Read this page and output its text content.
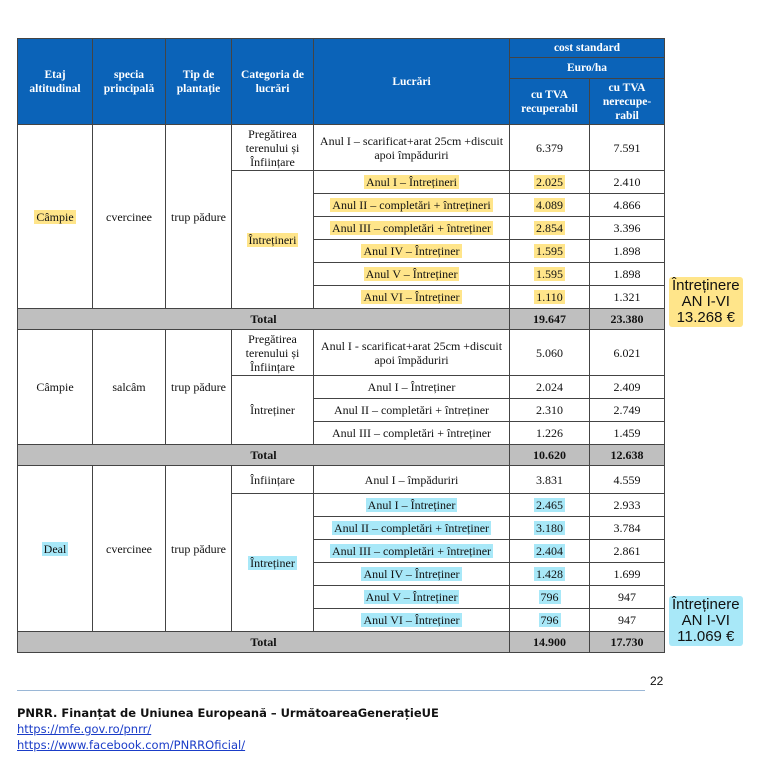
Etaj altitudinal	specia principală	Tip de plantație	Categoria de lucrări	Lucrări	cost standard	
					Euro/ha	
					cu TVA recuperabil	cu TVA nerecupe-rabil
Câmpie	cvercinee	trup pădure	Pregătirea terenului și Înființare	Anul I – scarificat+arat 25cm +discuit apoi împăduriri	6.379	7.591
			Întrețineri	Anul I – Întrețineri	2.025	2.410
				Anul II – completări + întrețineri	4.089	4.866
				Anul III – completări + întreținer	2.854	3.396
				Anul IV – Întreținer	1.595	1.898
				Anul V – Întreținer	1.595	1.898
				Anul VI – Întreținer	1.110	1.321
Total					19.647	23.380
Câmpie	salcâm	trup pădure	Pregătirea terenului și Înființare	Anul I - scarificat+arat 25cm +discuit apoi împăduriri	5.060	6.021
			Întreținer	Anul I – Întreținer	2.024	2.409
				Anul II – completări + întreținer	2.310	2.749
				Anul III – completări + întreținer	1.226	1.459
Total					10.620	12.638
Deal	cvercinee	trup pădure	Înființare	Anul I – împăduriri	3.831	4.559
			Întreținer	Anul I – Întreținer	2.465	2.933
				Anul II – completări + întreținer	3.180	3.784
				Anul III – completări + întreținer	2.404	2.861
				Anul IV – Întreținer	1.428	1.699
				Anul V – Întreținer	796	947
				Anul VI – Întreținer	796	947
Total					14.900	17.730
Întreținere
AN I-VI
13.268 €
Întreținere
AN I-VI
11.069 €
22
PNRR. Finanțat de Uniunea Europeană – UrmătoareaGenerațieUE
https://mfe.gov.ro/pnrr/
https://www.facebook.com/PNRROficial/
